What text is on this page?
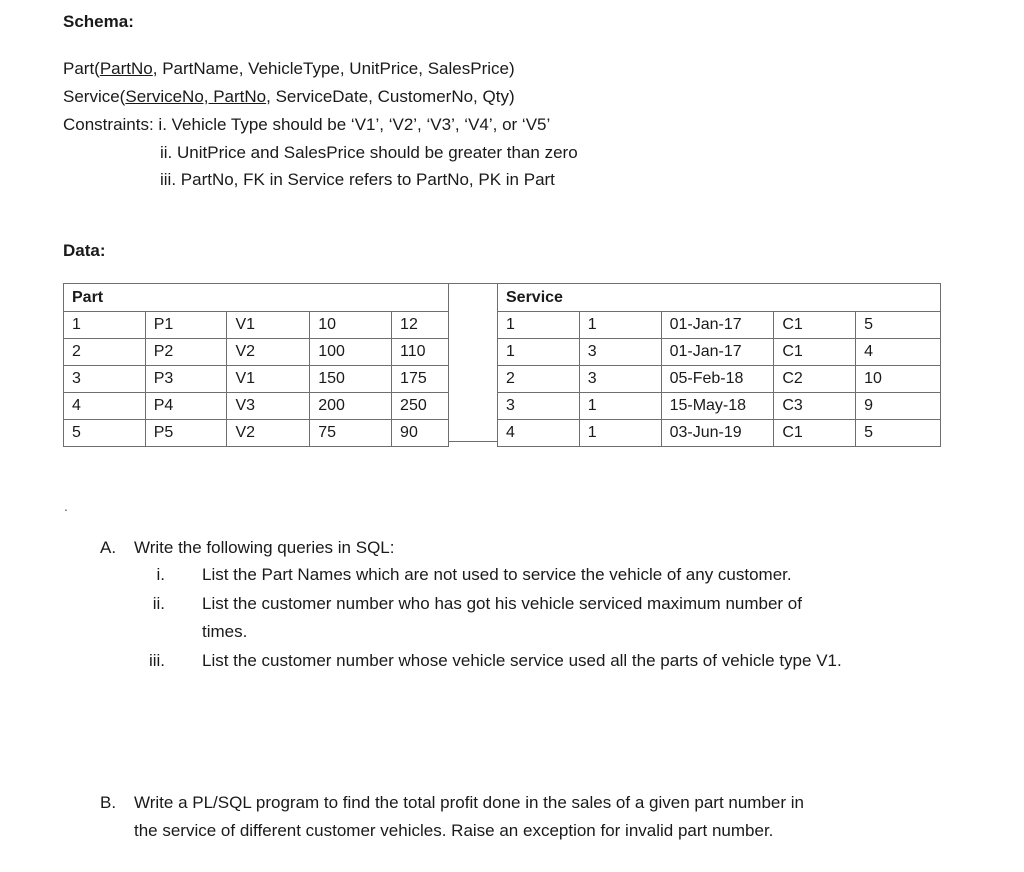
Schema:
Part(PartNo, PartName, VehicleType, UnitPrice, SalesPrice)
Service(ServiceNo, PartNo, ServiceDate, CustomerNo, Qty)
Constraints: i. Vehicle Type should be ‘V1’, ‘V2’, ‘V3’, ‘V4’, or ‘V5’
ii. UnitPrice and SalesPrice should be greater than zero
iii. PartNo, FK in Service refers to PartNo, PK in Part
Data:
Part				
1	P1	V1	10	12
2	P2	V2	100	110
3	P3	V1	150	175
4	P4	V3	200	250
5	P5	V2	75	90
Service				
1	1	01-Jan-17	C1	5
1	3	01-Jan-17	C1	4
2	3	05-Feb-18	C2	10
3	1	15-May-18	C3	9
4	1	03-Jun-19	C1	5
.
A. Write the following queries in SQL:
i. List the Part Names which are not used to service the vehicle of any customer.
ii. List the customer number who has got his vehicle serviced maximum number of
times.
iii. List the customer number whose vehicle service used all the parts of vehicle type V1.
B. Write a PL/SQL program to find the total profit done in the sales of a given part number in
the service of different customer vehicles. Raise an exception for invalid part number.
